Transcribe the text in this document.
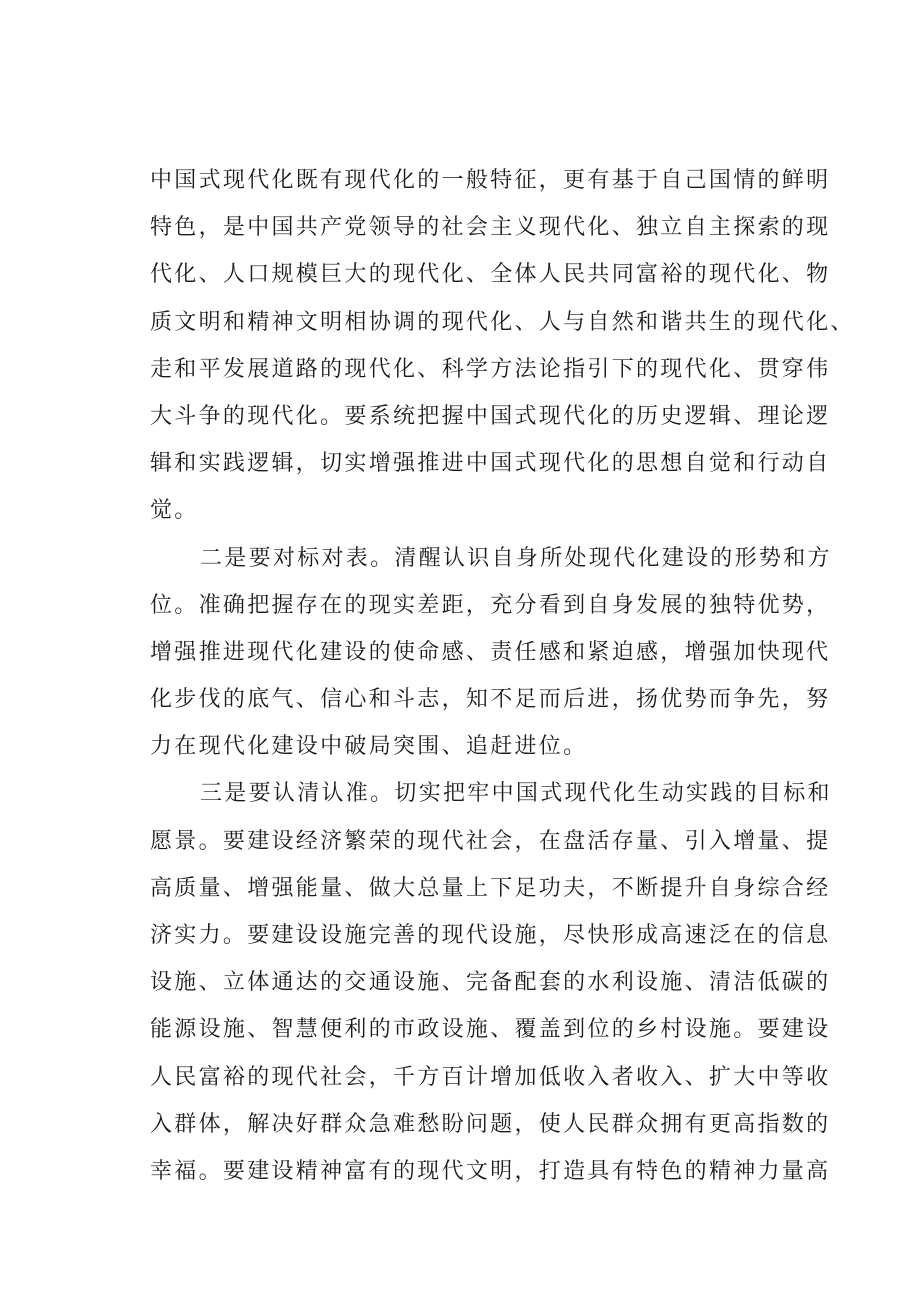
中国式现代化既有现代化的一般特征，更有基于自己国情的鲜明
特色，是中国共产党领导的社会主义现代化、独立自主探索的现
代化、人口规模巨大的现代化、全体人民共同富裕的现代化、物
质文明和精神文明相协调的现代化、人与自然和谐共生的现代化、
走和平发展道路的现代化、科学方法论指引下的现代化、贯穿伟
大斗争的现代化。要系统把握中国式现代化的历史逻辑、理论逻
辑和实践逻辑，切实增强推进中国式现代化的思想自觉和行动自
觉。
二是要对标对表。清醒认识自身所处现代化建设的形势和方
位。准确把握存在的现实差距，充分看到自身发展的独特优势，
增强推进现代化建设的使命感、责任感和紧迫感，增强加快现代
化步伐的底气、信心和斗志，知不足而后进，扬优势而争先，努
力在现代化建设中破局突围、追赶进位。
三是要认清认准。切实把牢中国式现代化生动实践的目标和
愿景。要建设经济繁荣的现代社会，在盘活存量、引入增量、提
高质量、增强能量、做大总量上下足功夫，不断提升自身综合经
济实力。要建设设施完善的现代设施，尽快形成高速泛在的信息
设施、立体通达的交通设施、完备配套的水利设施、清洁低碳的
能源设施、智慧便利的市政设施、覆盖到位的乡村设施。要建设
人民富裕的现代社会，千方百计增加低收入者收入、扩大中等收
入群体，解决好群众急难愁盼问题，使人民群众拥有更高指数的
幸福。要建设精神富有的现代文明，打造具有特色的精神力量高
